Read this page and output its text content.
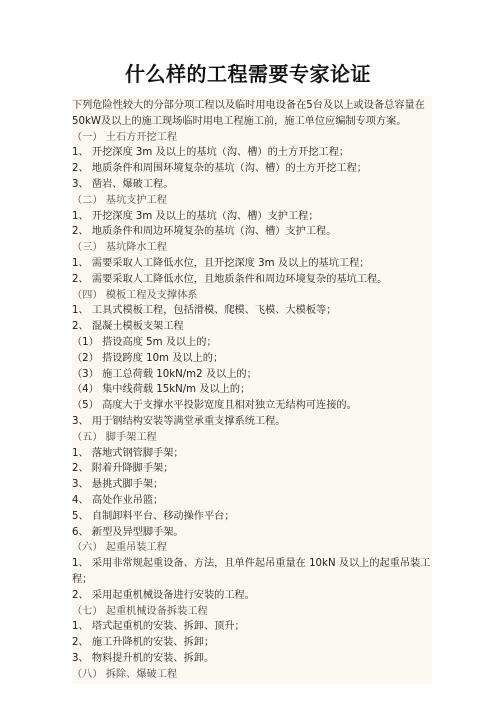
什么样的工程需要专家论证
下列危险性较大的分部分项工程以及临时用电设备在5台及以上或设备总容量在50kW及以上的施工现场临时用电工程施工前，施工单位应编制专项方案。
（一） 土石方开挖工程
1、 开挖深度 3m 及以上的基坑（沟、槽）的土方开挖工程；
2、 地质条件和周围环境复杂的基坑（沟、槽）的土方开挖工程；
3、 凿岩、爆破工程。
（二） 基坑支护工程
1、 开挖深度 3m 及以上的基坑（沟、槽）支护工程；
2、 地质条件和周边环境复杂的基坑（沟、槽）支护工程。
（三） 基坑降水工程
1、 需要采取人工降低水位，且开挖深度 3m 及以上的基坑工程；
2、 需要采取人工降低水位，且地质条件和周边环境复杂的基坑工程。
（四） 模板工程及支撑体系
1、 工具式模板工程，包括滑模、爬模、飞模、大模板等；
2、 混凝土模板支架工程
（1） 搭设高度 5m 及以上的；
（2） 搭设跨度 10m 及以上的；
（3） 施工总荷载 10kN/m2 及以上的；
（4） 集中线荷载 15kN/m 及以上的；
（5） 高度大于支撑水平投影宽度且相对独立无结构可连接的。
3、 用于钢结构安装等满堂承重支撑系统工程。
（五） 脚手架工程
1、 落地式钢管脚手架；
2、 附着升降脚手架；
3、 悬挑式脚手架；
4、 高处作业吊篮；
5、 自制卸料平台、移动操作平台；
6、 新型及异型脚手架。
（六） 起重吊装工程
1、 采用非常规起重设备、方法，且单件起吊重量在 10kN 及以上的起重吊装工程；
2、 采用起重机械设备进行安装的工程。
（七） 起重机械设备拆装工程
1、 塔式起重机的安装、拆卸、顶升；
2、 施工升降机的安装、拆卸；
3、 物料提升机的安装、拆卸。
（八） 拆除、爆破工程
